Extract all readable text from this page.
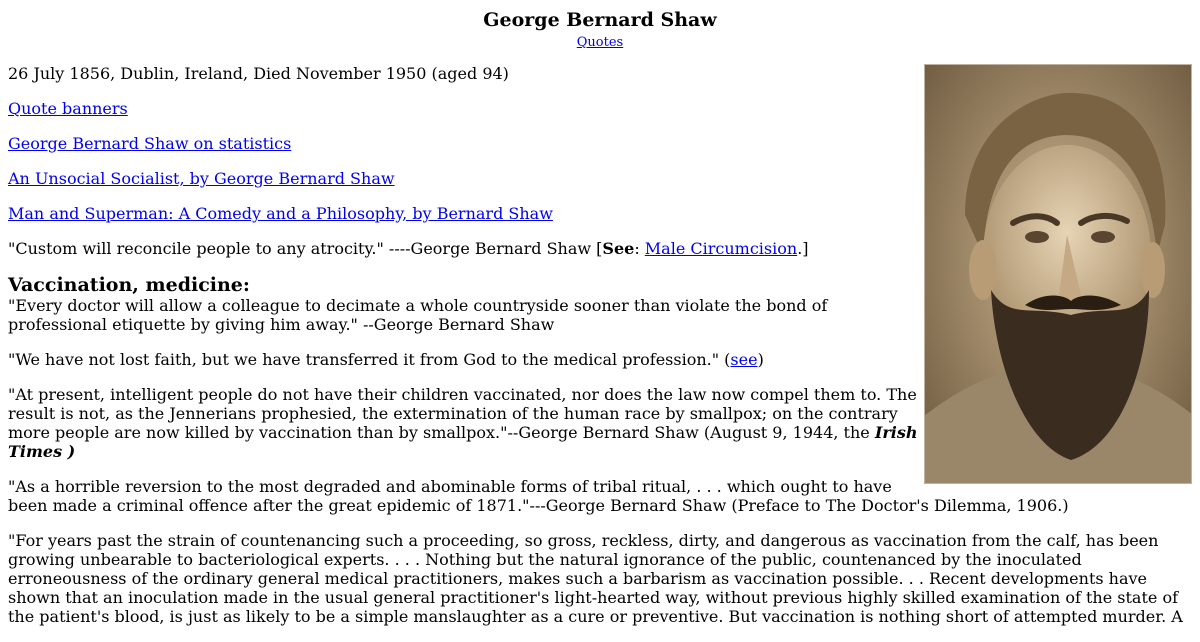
George Bernard Shaw
Quotes

26 July 1856, Dublin, Ireland, Died November 1950 (aged 94)

Quote banners

George Bernard Shaw on statistics

An Unsocial Socialist, by George Bernard Shaw

Man and Superman: A Comedy and a Philosophy, by Bernard Shaw

"Custom will reconcile people to any atrocity." ----George Bernard Shaw [See: Male Circumcision.]

Vaccination, medicine:

"Every doctor will allow a colleague to decimate a whole countryside sooner than violate the bond of professional etiquette by giving him away." --George Bernard Shaw

"We have not lost faith, but we have transferred it from God to the medical profession." (see)

"At present, intelligent people do not have their children vaccinated, nor does the law now compel them to. The result is not, as the Jennerians prophesied, the extermination of the human race by smallpox; on the contrary more people are now killed by vaccination than by smallpox."--George Bernard Shaw (August 9, 1944, the Irish Times )

"As a horrible reversion to the most degraded and abominable forms of tribal ritual, . . . which ought to have been made a criminal offence after the great epidemic of 1871."---George Bernard Shaw (Preface to The Doctor's Dilemma, 1906.)

"For years past the strain of countenancing such a proceeding, so gross, reckless, dirty, and dangerous as vaccination from the calf, has been growing unbearable to bacteriological experts. . . . Nothing but the natural ignorance of the public, countenanced by the inoculated erroneousness of the ordinary general medical practitioners, makes such a barbarism as vaccination possible. . . Recent developments have shown that an inoculation made in the usual general practitioner's light-hearted way, without previous highly skilled examination of the state of the patient's blood, is just as likely to be a simple manslaughter as a cure or preventive. But vaccination is nothing short of attempted murder. A
